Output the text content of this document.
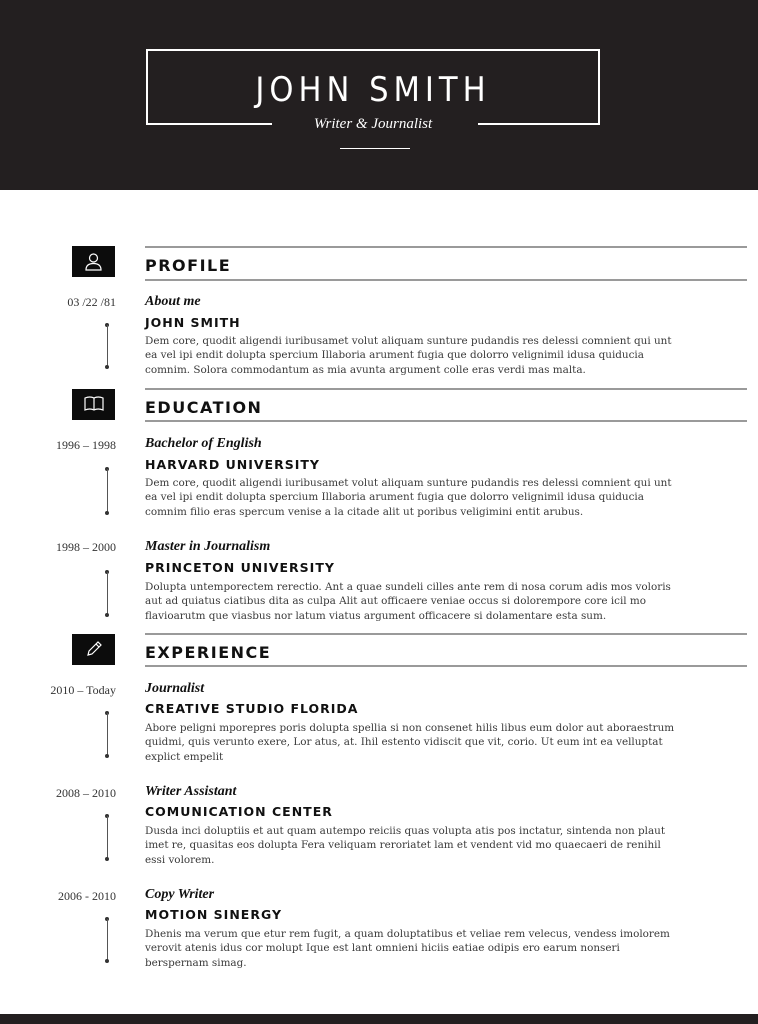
JOHN SMITH
Writer & Journalist
PROFILE
03 /22 /81 About me
JOHN SMITH
Dem core, quodit aligendi iuribusamet volut aliquam sunture pudandis res delessi comnient qui unt
ea vel ipi endit dolupta spercium Illaboria arument fugia que dolorro velignimil idusa quiducia
comnim. Solora commodantum as mia avunta argument colle eras verdi mas malta.
EDUCATION
1996 – 1998 Bachelor of English
HARVARD UNIVERSITY
Dem core, quodit aligendi iuribusamet volut aliquam sunture pudandis res delessi comnient qui unt
ea vel ipi endit dolupta spercium Illaboria arument fugia que dolorro velignimil idusa quiducia
comnim filio eras spercum venise a la citade alit ut poribus veligimini entit arubus.
1998 – 2000 Master in Journalism
PRINCETON UNIVERSITY
Dolupta untemporectem rerectio. Ant a quae sundeli cilles ante rem di nosa corum adis mos voloris
aut ad quiatus ciatibus dita as culpa Alit aut officaere veniae occus si dolorempore core icil mo
flavioarutm que viasbus nor latum viatus argument officacere si dolamentare esta sum.
EXPERIENCE
2010 – Today Journalist
CREATIVE STUDIO FLORIDA
Abore peligni mporepres poris dolupta spellia si non consenet hilis libus eum dolor aut aboraestrum
quidmi, quis verunto exere, Lor atus, at. Ihil estento vidiscit que vit, corio. Ut eum int ea velluptat
explict empelit
2008 – 2010 Writer Assistant
COMUNICATION CENTER
Dusda inci doluptiis et aut quam autempo reiciis quas volupta atis pos inctatur, sintenda non plaut
imet re, quasitas eos dolupta Fera veliquam reroriatet lam et vendent vid mo quaecaeri de renihil
essi volorem.
2006 - 2010 Copy Writer
MOTION SINERGY
Dhenis ma verum que etur rem fugit, a quam doluptatibus et veliae rem velecus, vendess imolorem
verovit atenis idus cor molupt Ique est lant omnieni hiciis eatiae odipis ero earum nonseri
berspernam simag.
